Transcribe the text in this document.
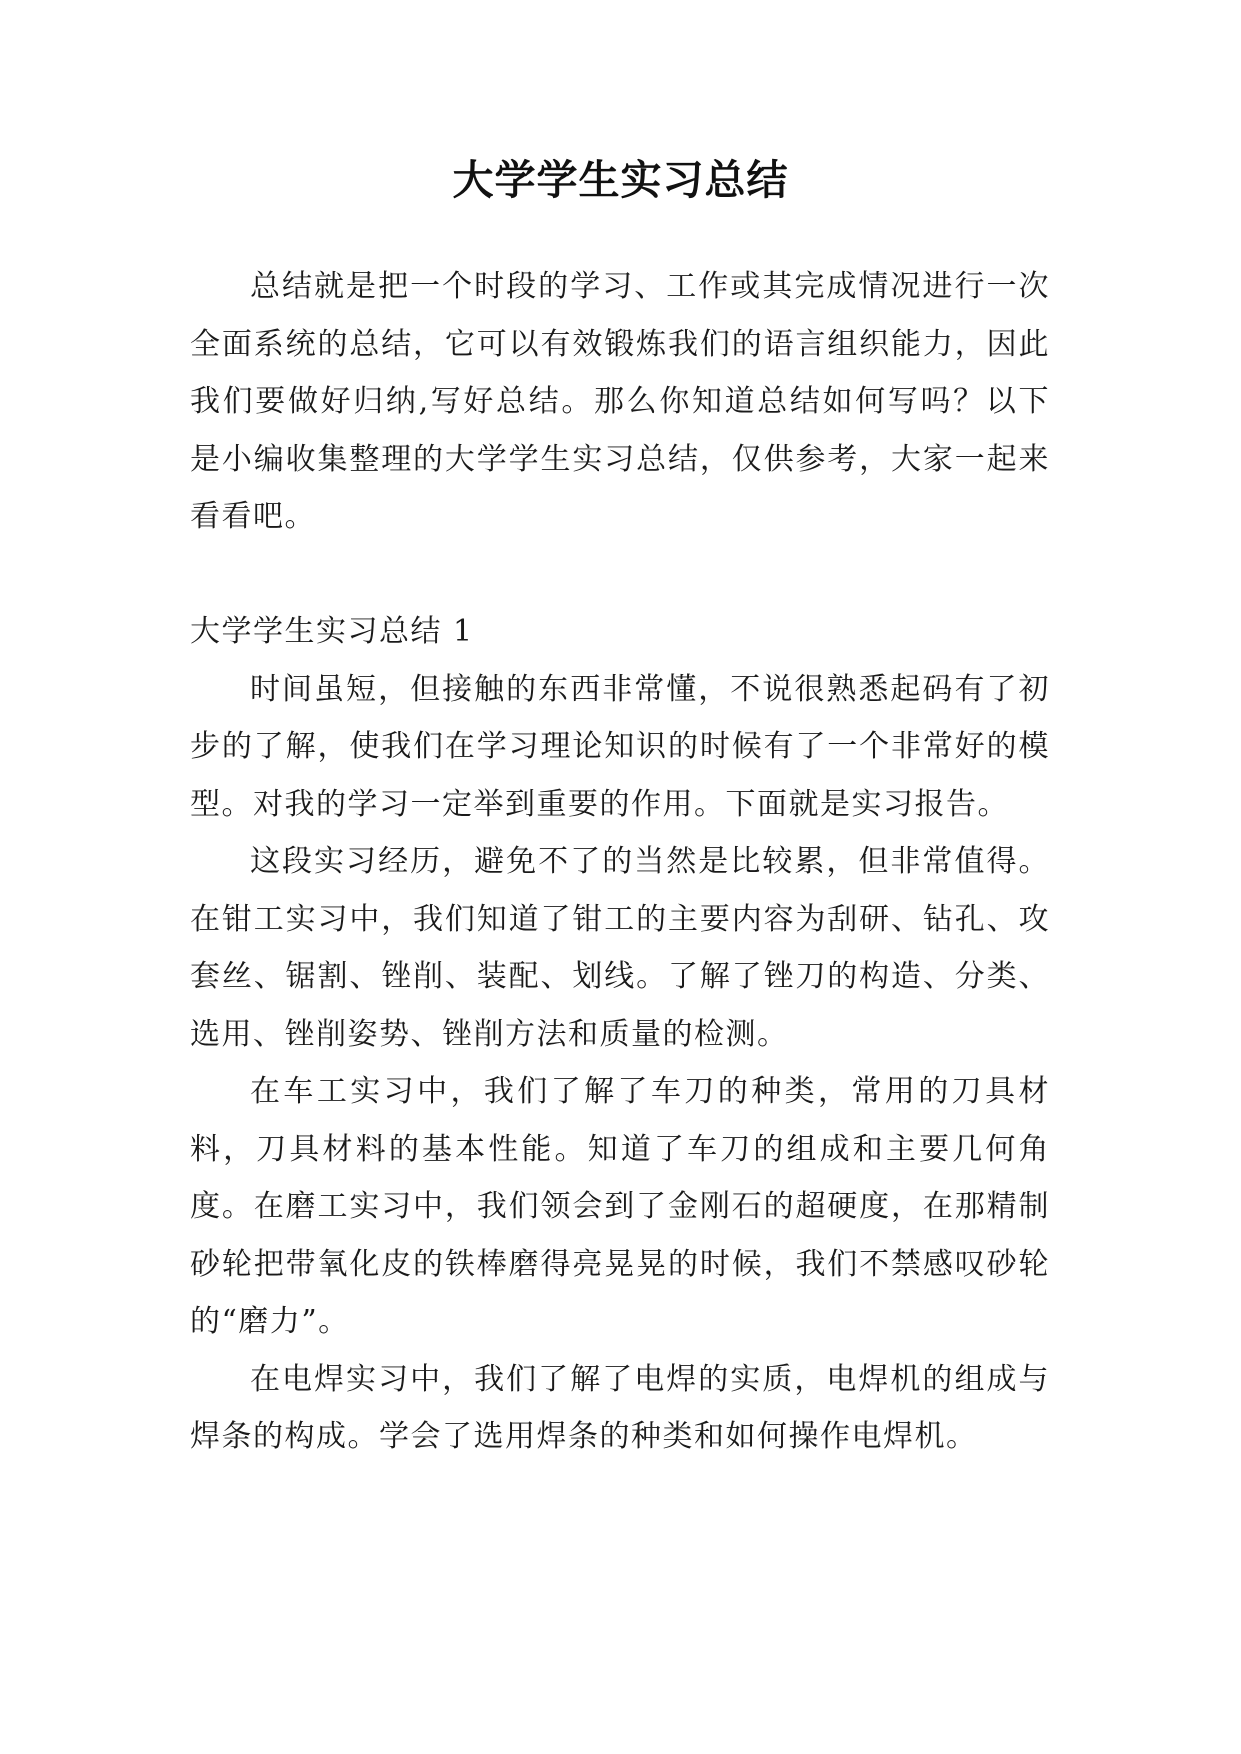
大学学生实习总结

总结就是把一个时段的学习、工作或其完成情况进行一次全面系统的总结，它可以有效锻炼我们的语言组织能力，因此我们要做好归纳,写好总结。那么你知道总结如何写吗？以下是小编收集整理的大学学生实习总结，仅供参考，大家一起来看看吧。

大学学生实习总结 1

时间虽短，但接触的东西非常懂，不说很熟悉起码有了初步的了解，使我们在学习理论知识的时候有了一个非常好的模型。对我的学习一定举到重要的作用。下面就是实习报告。

这段实习经历，避免不了的当然是比较累，但非常值得。在钳工实习中，我们知道了钳工的主要内容为刮研、钻孔、攻套丝、锯割、锉削、装配、划线。了解了锉刀的构造、分类、选用、锉削姿势、锉削方法和质量的检测。

在车工实习中，我们了解了车刀的种类，常用的刀具材料，刀具材料的基本性能。知道了车刀的组成和主要几何角度。在磨工实习中，我们领会到了金刚石的超硬度，在那精制砂轮把带氧化皮的铁棒磨得亮晃晃的时候，我们不禁感叹砂轮的“磨力”。

在电焊实习中，我们了解了电焊的实质，电焊机的组成与焊条的构成。学会了选用焊条的种类和如何操作电焊机。
